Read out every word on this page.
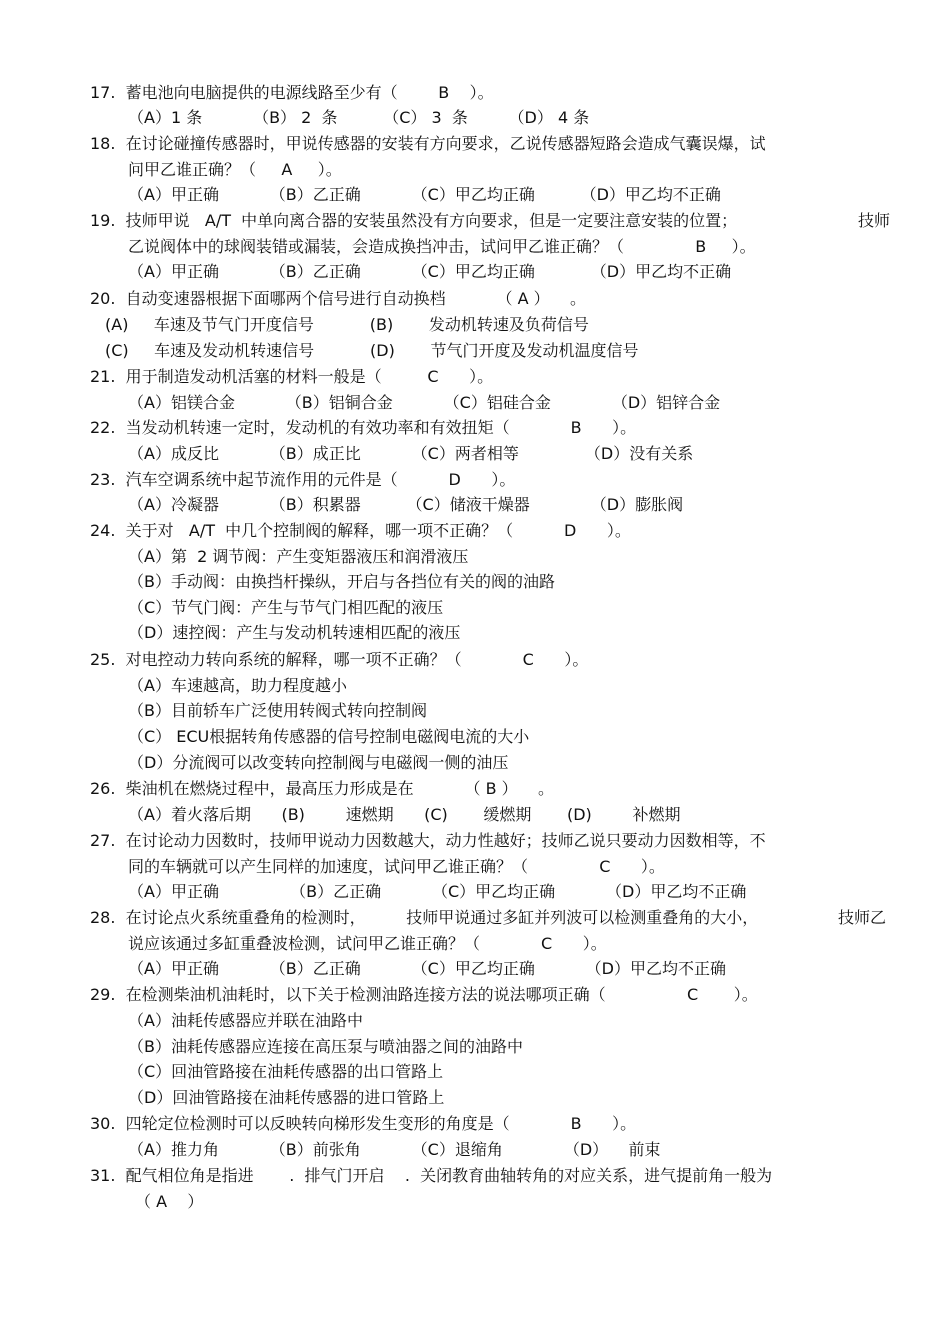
17.  蓄电池向电脑提供的电源线路至少有（        B    ）。
（A）1 条          （B） 2  条         （C） 3  条        （D） 4 条
18.  在讨论碰撞传感器时，甲说传感器的安装有方向要求，乙说传感器短路会造成气囊误爆，试
问甲乙谁正确？（     A     ）。
（A）甲正确          （B）乙正确          （C）甲乙均正确         （D）甲乙均不正确
19.  技师甲说   A/T  中单向离合器的安装虽然没有方向要求，但是一定要注意安装的位置；	技师
乙说阀体中的球阀装错或漏装，会造成换挡冲击，试问甲乙谁正确？（              B     ）。
（A）甲正确          （B）乙正确          （C）甲乙均正确           （D）甲乙均不正确
20.  自动变速器根据下面哪两个信号进行自动换档          （ A ）    。
(A)     车速及节气门开度信号           (B)       发动机转速及负荷信号
(C)     车速及发动机转速信号           (D)       节气门开度及发动机温度信号
21.  用于制造发动机活塞的材料一般是（         C      ）。
（A）铝镁合金          （B）铝铜合金          （C）铝硅合金            （D）铝锌合金
22.  当发动机转速一定时，发动机的有效功率和有效扭矩（            B      ）。
（A）成反比          （B）成正比          （C）两者相等             （D）没有关系
23.  汽车空调系统中起节流作用的元件是（          D      ）。
（A）冷凝器          （B）积累器         （C）储液干燥器            （D）膨胀阀
24.  关于对   A/T  中几个控制阀的解释，哪一项不正确？（          D      ）。
（A）第  2 调节阀：产生变矩器液压和润滑液压
（B）手动阀：由换挡杆操纵，开启与各挡位有关的阀的油路
（C）节气门阀：产生与节气门相匹配的液压
（D）速控阀：产生与发动机转速相匹配的液压
25.  对电控动力转向系统的解释，哪一项不正确？（            C      ）。
（A）车速越高，助力程度越小
（B）目前轿车广泛使用转阀式转向控制阀
（C） ECU根据转角传感器的信号控制电磁阀电流的大小
（D）分流阀可以改变转向控制阀与电磁阀一侧的油压
26.  柴油机在燃烧过程中，最高压力形成是在          （ B ）    。
（A）着火落后期      (B)        速燃期      (C)       缓燃期       (D)        补燃期
27.  在讨论动力因数时，技师甲说动力因数越大，动力性越好；技师乙说只要动力因数相等，不
同的车辆就可以产生同样的加速度，试问甲乙谁正确？（              C      ）。
（A）甲正确              （B）乙正确          （C）甲乙均正确          （D）甲乙均不正确
28.  在讨论点火系统重叠角的检测时，        技师甲说通过多缸并列波可以检测重叠角的大小，	技师乙
说应该通过多缸重叠波检测，试问甲乙谁正确？（            C      ）。
（A）甲正确          （B）乙正确          （C）甲乙均正确          （D）甲乙均不正确
29.  在检测柴油机油耗时，以下关于检测油路连接方法的说法哪项正确（                C       ）。
（A）油耗传感器应并联在油路中
（B）油耗传感器应连接在高压泵与喷油器之间的油路中
（C）回油管路接在油耗传感器的出口管路上
（D）回油管路接在油耗传感器的进口管路上
30.  四轮定位检测时可以反映转向梯形发生变形的角度是（            B      ）。
（A）推力角          （B）前张角          （C）退缩角            （D）    前束
31.  配气相位角是指进       .  排气门开启    .  关闭教育曲轴转角的对应关系，进气提前角一般为
（ A    ）
